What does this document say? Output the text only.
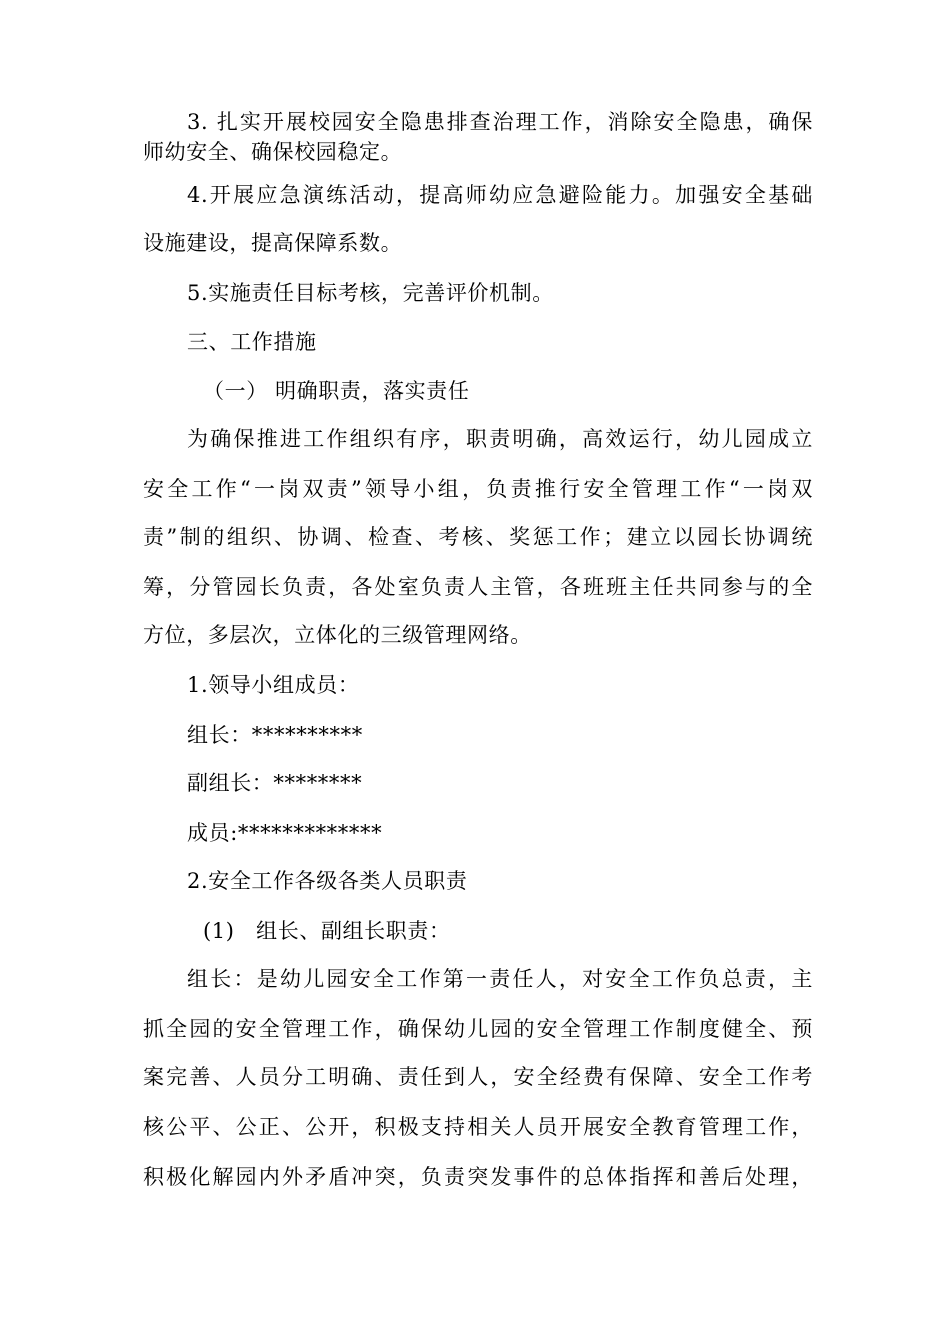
3. 扎实开展校园安全隐患排查治理工作，消除安全隐患，确保
师幼安全、确保校园稳定。
4.开展应急演练活动，提高师幼应急避险能力。加强安全基础
设施建设，提高保障系数。
5.实施责任目标考核，完善评价机制。
三、工作措施
（一） 明确职责，落实责任
为确保推进工作组织有序，职责明确，高效运行，幼儿园成立
安全工作“一岗双责”领导小组，负责推行安全管理工作“一岗双
责”制的组织、协调、检查、考核、奖惩工作；建立以园长协调统
筹，分管园长负责，各处室负责人主管，各班班主任共同参与的全
方位，多层次，立体化的三级管理网络。
1.领导小组成员：
组长：**********
副组长：********
成员:*************
2.安全工作各级各类人员职责
(1)　组长、副组长职责：
组长：是幼儿园安全工作第一责任人，对安全工作负总责，主
抓全园的安全管理工作，确保幼儿园的安全管理工作制度健全、预
案完善、人员分工明确、责任到人，安全经费有保障、安全工作考
核公平、公正、公开，积极支持相关人员开展安全教育管理工作，
积极化解园内外矛盾冲突，负责突发事件的总体指挥和善后处理，
